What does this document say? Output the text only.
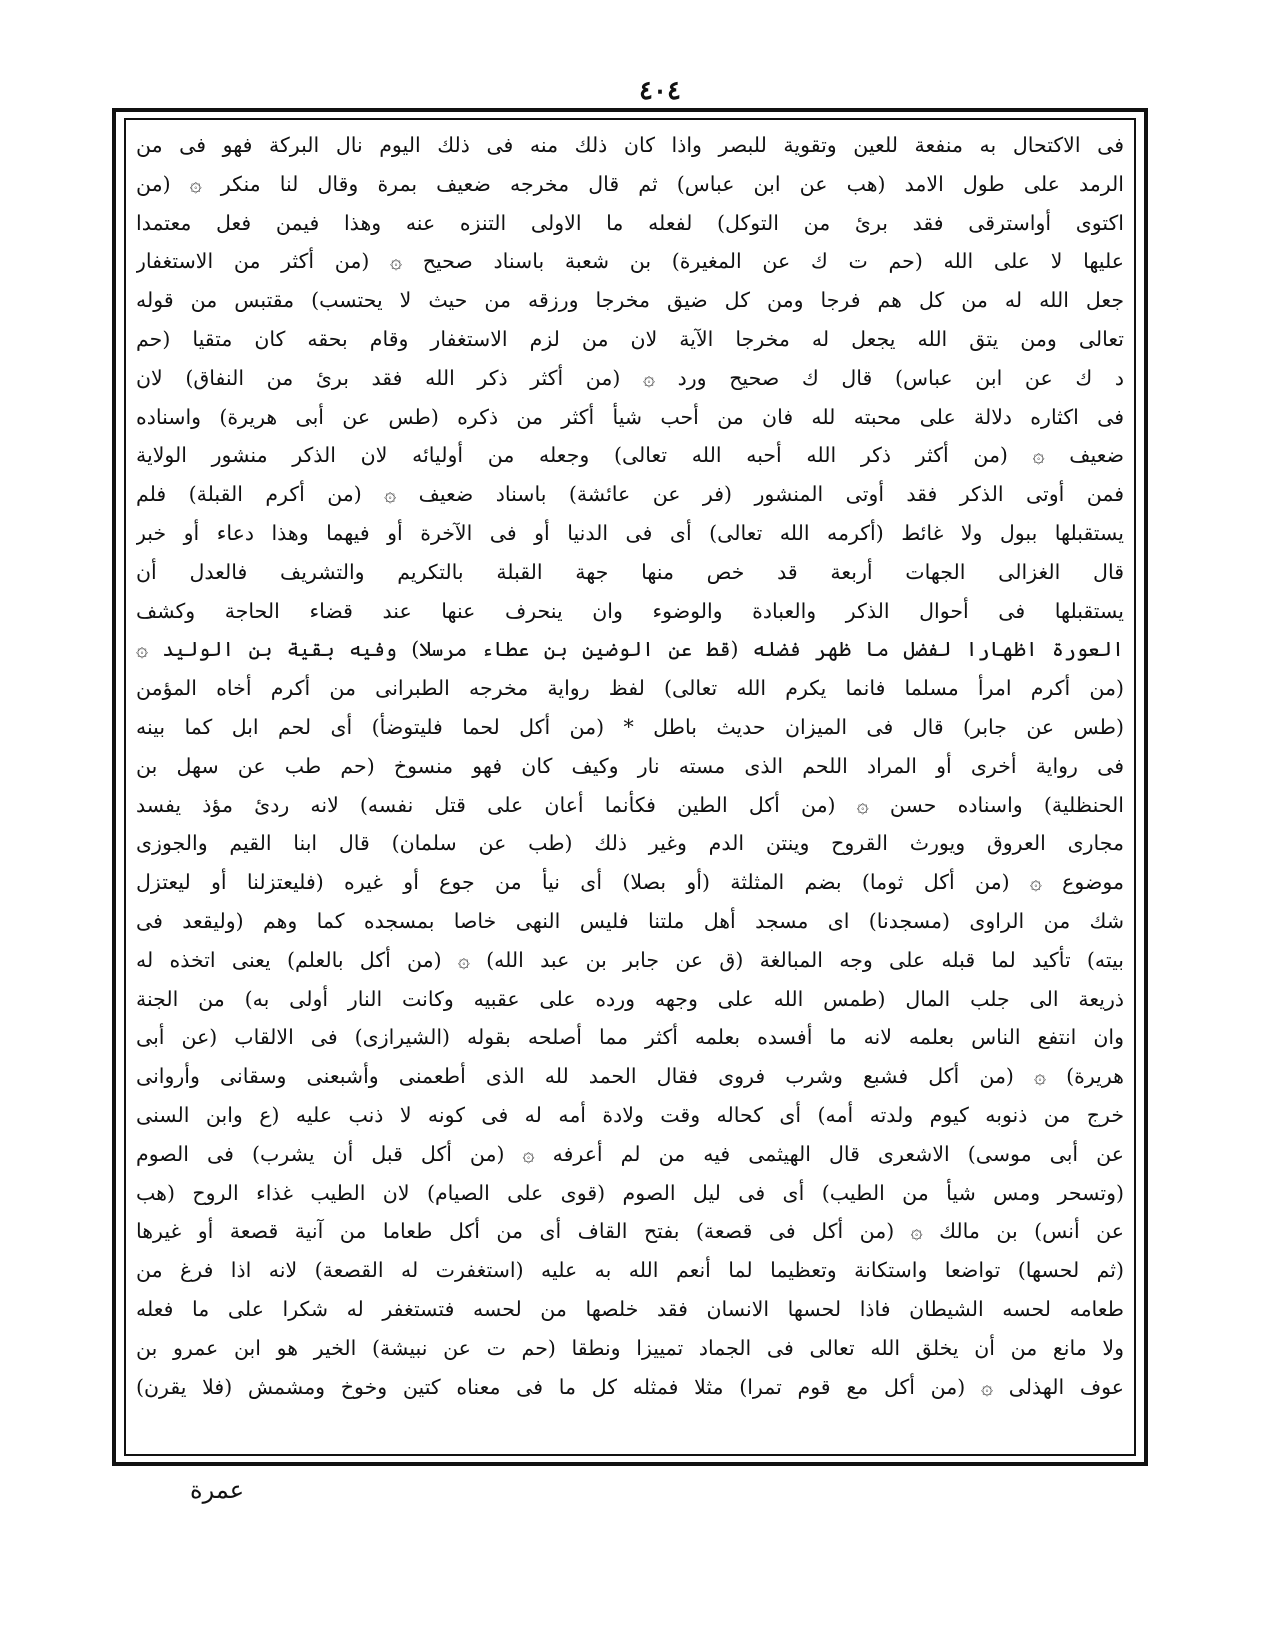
٤٠٤
فى الاكتحال به منفعة للعين وتقوية للبصر واذا كان ذلك منه فى ذلك اليوم نال البركة فهو فى من
الرمد على طول الامد (هب عن ابن عباس) ثم قال مخرجه ضعيف بمرة وقال لنا منكر ۞ (من
اكتوى أواسترقى فقد برئ من التوكل) لفعله ما الاولى التنزه عنه وهذا فيمن فعل معتمدا
عليها لا على الله (حم ت ك عن المغيرة) بن شعبة باسناد صحيح ۞ (من أكثر من الاستغفار
جعل الله له من كل هم فرجا ومن كل ضيق مخرجا ورزقه من حيث لا يحتسب) مقتبس من قوله
تعالى ومن يتق الله يجعل له مخرجا الآية لان من لزم الاستغفار وقام بحقه كان متقيا (حم
د ك عن ابن عباس) قال ك صحيح ورد ۞ (من أكثر ذكر الله فقد برئ من النفاق) لان
فى اكثاره دلالة على محبته لله فان من أحب شيأ أكثر من ذكره (طس عن أبى هريرة) واسناده
ضعيف ۞ (من أكثر ذكر الله أحبه الله تعالى) وجعله من أوليائه لان الذكر منشور الولاية
فمن أوتى الذكر فقد أوتى المنشور (فر عن عائشة) باسناد ضعيف ۞ (من أكرم القبلة) فلم
يستقبلها ببول ولا غائط (أكرمه الله تعالى) أى فى الدنيا أو فى الآخرة أو فيهما وهذا دعاء أو خبر
قال الغزالى الجهات أربعة قد خص منها جهة القبلة بالتكريم والتشريف فالعدل أن
يستقبلها فى أحوال الذكر والعبادة والوضوء وان ينحرف عنها عند قضاء الحاجة وكشف
العورة اظهارا لفضل ما ظهر فضله (قط عن الوضين بن عطاء مرسلا) وفيه بقية بن الوليد ۞
(من أكرم امرأ مسلما فانما يكرم الله تعالى) لفظ رواية مخرجه الطبرانى من أكرم أخاه المؤمن
(طس عن جابر) قال فى الميزان حديث باطل * (من أكل لحما فليتوضأ) أى لحم ابل كما بينه
فى رواية أخرى أو المراد اللحم الذى مسته نار وكيف كان فهو منسوخ (حم طب عن سهل بن
الحنظلية) واسناده حسن ۞ (من أكل الطين فكأنما أعان على قتل نفسه) لانه ردئ مؤذ يفسد
مجارى العروق ويورث القروح وينتن الدم وغير ذلك (طب عن سلمان) قال ابنا القيم والجوزى
موضوع ۞ (من أكل ثوما) بضم المثلثة (أو بصلا) أى نيأ من جوع أو غيره (فليعتزلنا أو ليعتزل
شك من الراوى (مسجدنا) اى مسجد أهل ملتنا فليس النهى خاصا بمسجده كما وهم (وليقعد فى
بيته) تأكيد لما قبله على وجه المبالغة (ق عن جابر بن عبد الله) ۞ (من أكل بالعلم) يعنى اتخذه له
ذريعة الى جلب المال (طمس الله على وجهه ورده على عقبيه وكانت النار أولى به) من الجنة
وان انتفع الناس بعلمه لانه ما أفسده بعلمه أكثر مما أصلحه بقوله (الشيرازى) فى الالقاب (عن أبى
هريرة) ۞ (من أكل فشبع وشرب فروى فقال الحمد لله الذى أطعمنى وأشبعنى وسقانى وأروانى
خرج من ذنوبه كيوم ولدته أمه) أى كحاله وقت ولادة أمه له فى كونه لا ذنب عليه (ع وابن السنى
عن أبى موسى) الاشعرى قال الهيثمى فيه من لم أعرفه ۞ (من أكل قبل أن يشرب) فى الصوم
(وتسحر ومس شيأ من الطيب) أى فى ليل الصوم (قوى على الصيام) لان الطيب غذاء الروح (هب
عن أنس) بن مالك ۞ (من أكل فى قصعة) بفتح القاف أى من أكل طعاما من آنية قصعة أو غيرها
(ثم لحسها) تواضعا واستكانة وتعظيما لما أنعم الله به عليه (استغفرت له القصعة) لانه اذا فرغ من
طعامه لحسه الشيطان فاذا لحسها الانسان فقد خلصها من لحسه فتستغفر له شكرا على ما فعله
ولا مانع من أن يخلق الله تعالى فى الجماد تمييزا ونطقا (حم ت عن نبيشة) الخير هو ابن عمرو بن
عوف الهذلى ۞ (من أكل مع قوم تمرا) مثلا فمثله كل ما فى معناه كتين وخوخ ومشمش (فلا يقرن)
عمرة
